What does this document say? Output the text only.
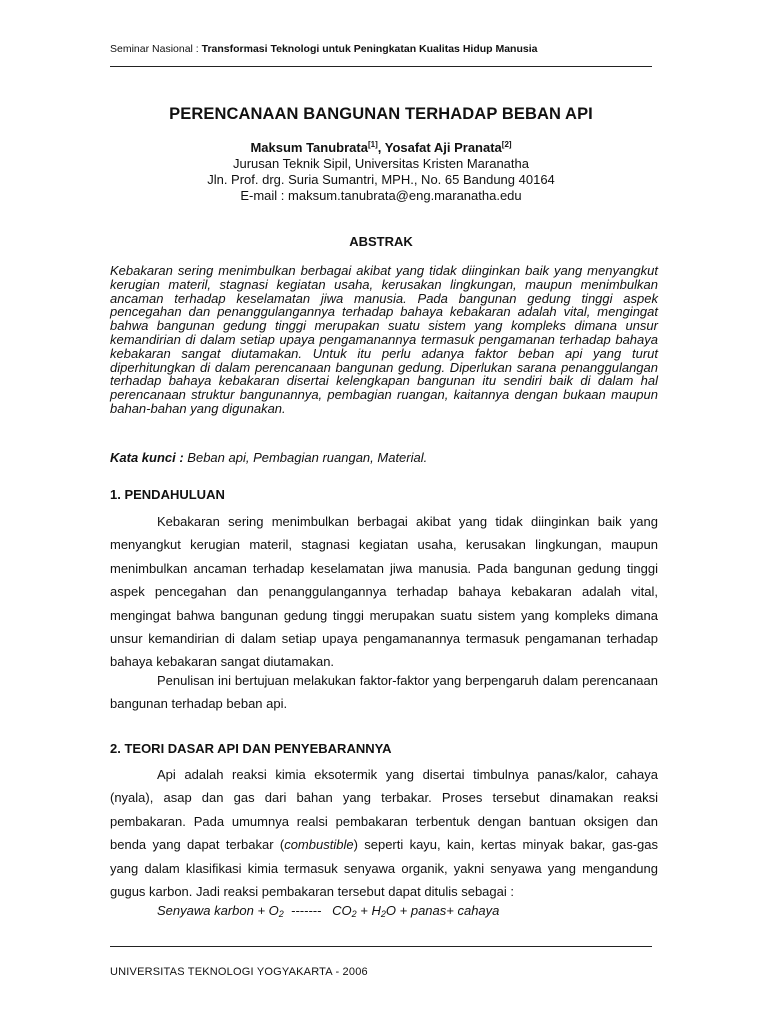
Seminar Nasional : Transformasi Teknologi untuk Peningkatan Kualitas Hidup Manusia
PERENCANAAN BANGUNAN TERHADAP BEBAN API
Maksum Tanubrata[1], Yosafat Aji Pranata[2]
Jurusan Teknik Sipil, Universitas Kristen Maranatha
Jln. Prof. drg. Suria Sumantri, MPH., No. 65 Bandung 40164
E-mail : maksum.tanubrata@eng.maranatha.edu
ABSTRAK
Kebakaran sering menimbulkan berbagai akibat yang tidak diinginkan baik yang menyangkut kerugian materil, stagnasi kegiatan usaha, kerusakan lingkungan, maupun menimbulkan ancaman terhadap keselamatan jiwa manusia. Pada bangunan gedung tinggi aspek pencegahan dan penanggulangannya terhadap bahaya kebakaran adalah vital, mengingat bahwa bangunan gedung tinggi merupakan suatu sistem yang kompleks dimana unsur kemandirian di dalam setiap upaya pengamanannya termasuk pengamanan terhadap bahaya kebakaran sangat diutamakan. Untuk itu perlu adanya faktor beban api yang turut diperhitungkan di dalam perencanaan bangunan gedung. Diperlukan sarana penanggulangan terhadap bahaya kebakaran disertai kelengkapan bangunan itu sendiri baik di dalam hal perencanaan struktur bangunannya, pembagian ruangan, kaitannya dengan bukaan maupun bahan-bahan yang digunakan.
Kata kunci : Beban api, Pembagian ruangan, Material.
1. PENDAHULUAN

Kebakaran sering menimbulkan berbagai akibat yang tidak diinginkan baik yang menyangkut kerugian materil, stagnasi kegiatan usaha, kerusakan lingkungan, maupun menimbulkan ancaman terhadap keselamatan jiwa manusia. Pada bangunan gedung tinggi aspek pencegahan dan penanggulangannya terhadap bahaya kebakaran adalah vital, mengingat bahwa bangunan gedung tinggi merupakan suatu sistem yang kompleks dimana unsur kemandirian di dalam setiap upaya pengamanannya termasuk pengamanan terhadap bahaya kebakaran sangat diutamakan.

Penulisan ini bertujuan melakukan faktor-faktor yang berpengaruh dalam perencanaan bangunan terhadap beban api.

2. TEORI DASAR API DAN PENYEBARANNYA

Api adalah reaksi kimia eksotermik yang disertai timbulnya panas/kalor, cahaya (nyala), asap dan gas dari bahan yang terbakar. Proses tersebut dinamakan reaksi pembakaran. Pada umumnya realsi pembakaran terbentuk dengan bantuan oksigen dan benda yang dapat terbakar (combustible) seperti kayu, kain, kertas minyak bakar, gas-gas yang dalam klasifikasi kimia termasuk senyawa organik, yakni senyawa yang mengandung gugus karbon. Jadi reaksi pembakaran tersebut dapat ditulis sebagai :

Senyawa karbon + $O_2$  -------   $CO_2 + H_2O$ + panas+ cahaya
UNIVERSITAS TEKNOLOGI YOGYAKARTA - 2006
